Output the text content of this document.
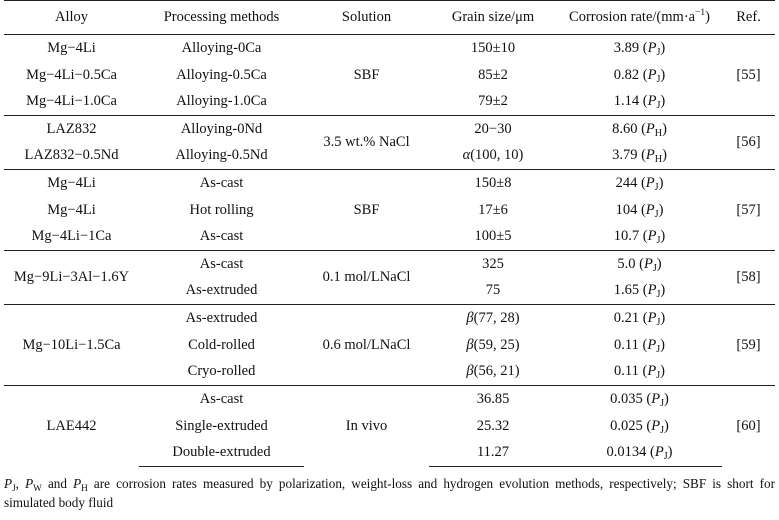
Alloy	Processing methods	Solution	Grain size/μm	Corrosion rate/$(mm\cdot a^{-1})$	Ref.
Mg−4Li	Alloying-0Ca	SBF	150±10	3.89 $(P_J)$	[55]
Mg−4Li−0.5Ca	Alloying-0.5Ca		85±2	0.82 $(P_J)$	
Mg−4Li−1.0Ca	Alloying-1.0Ca		79±2	1.14 $(P_J)$	
LAZ832	Alloying-0Nd	3.5 wt.% NaCl	20−30	8.60 $(P_H)$	[56]
LAZ832−0.5Nd	Alloying-0.5Nd		α(100, 10)	3.79 $(P_H)$	
Mg−4Li	As-cast	SBF	150±8	244 $(P_J)$	[57]
Mg−4Li	Hot rolling		17±6	104 $(P_J)$	
Mg−4Li−1Ca	As-cast		100±5	10.7 $(P_J)$	
Mg−9Li−3Al−1.6Y	As-cast	0.1 mol/LNaCl	325	5.0 $(P_J)$	[58]
	As-extruded		75	1.65 $(P_J)$	
Mg−10Li−1.5Ca	As-extruded	0.6 mol/LNaCl	β(77, 28)	0.21 $(P_J)$	[59]
	Cold-rolled		β(59, 25)	0.11 $(P_J)$	
	Cryo-rolled		β(56, 21)	0.11 $(P_J)$	
LAE442	As-cast	In vivo	36.85	0.035 $(P_J)$	[60]
	Single-extruded		25.32	0.025 $(P_J)$	
	Double-extruded		11.27	0.0134 $(P_J)$	
$P_J$, $P_W$ and $P_H$ are corrosion rates measured by polarization, weight-loss and hydrogen evolution methods, respectively; SBF is short for simulated body fluid
